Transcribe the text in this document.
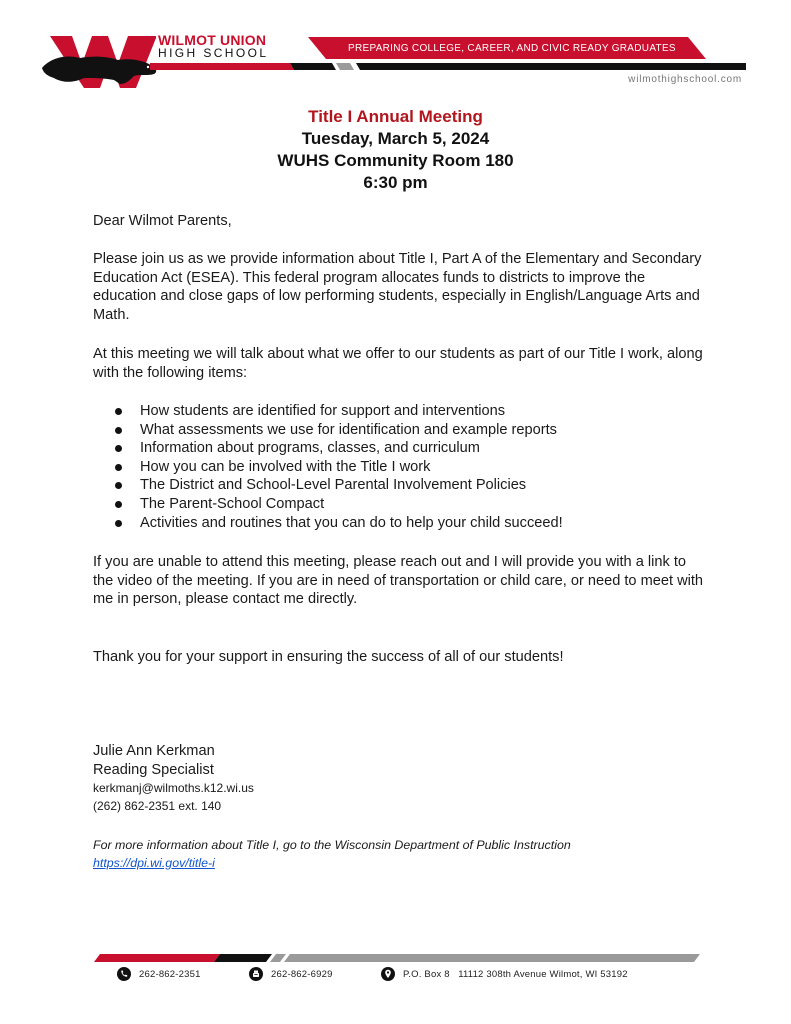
WILMOT UNION
HIGH SCHOOL	PREPARING COLLEGE, CAREER, AND CIVIC READY GRADUATES
wilmothighschool.com
Title I Annual Meeting
Tuesday, March 5, 2024
WUHS Community Room 180
6:30 pm
Dear Wilmot Parents,
Please join us as we provide information about Title I, Part A of the Elementary and Secondary Education Act (ESEA). This federal program allocates funds to districts to improve the education and close gaps of low performing students, especially in English/Language Arts and Math.
At this meeting we will talk about what we offer to our students as part of our Title I work, along with the following items:
How students are identified for support and interventions
What assessments we use for identification and example reports
Information about programs, classes, and curriculum
How you can be involved with the Title I work
The District and School-Level Parental Involvement Policies
The Parent-School Compact
Activities and routines that you can do to help your child succeed!
If you are unable to attend this meeting, please reach out and I will provide you with a link to the video of the meeting. If you are in need of transportation or child care, or need to meet with me in person, please contact me directly.
Thank you for your support in ensuring the success of all of our students!
Julie Ann Kerkman
Reading Specialist
kerkmanj@wilmoths.k12.wi.us
(262) 862-2351 ext. 140
For more information about Title I, go to the Wisconsin Department of Public Instruction
https://dpi.wi.gov/title-i
262-862-2351	262-862-6929	P.O. Box 8   11112 308th Avenue Wilmot, WI 53192
